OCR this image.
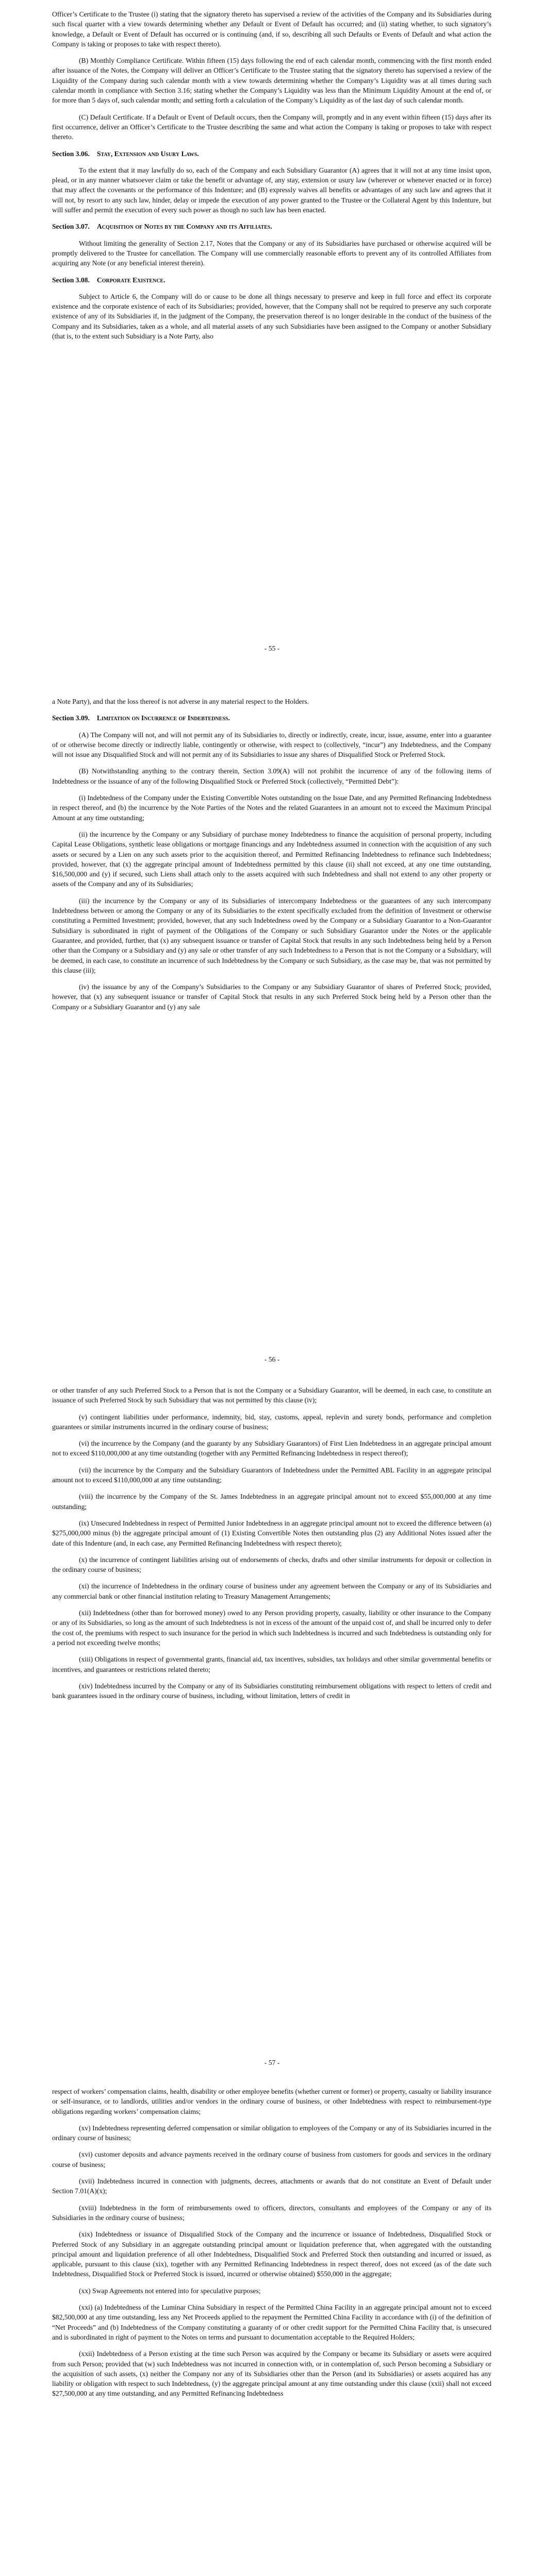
Officer’s Certificate to the Trustee (i) stating that the signatory thereto has supervised a review of the activities of the Company and its Subsidiaries during such fiscal quarter with a view towards determining whether any Default or Event of Default has occurred; and (ii) stating whether, to such signatory’s knowledge, a Default or Event of Default has occurred or is continuing (and, if so, describing all such Defaults or Events of Default and what action the Company is taking or proposes to take with respect thereto).

(B) Monthly Compliance Certificate. Within fifteen (15) days following the end of each calendar month, commencing with the first month ended after issuance of the Notes, the Company will deliver an Officer’s Certificate to the Trustee stating that the signatory thereto has supervised a review of the Liquidity of the Company during such calendar month with a view towards determining whether the Company’s Liquidity was at all times during such calendar month in compliance with Section 3.16; stating whether the Company’s Liquidity was less than the Minimum Liquidity Amount at the end of, or for more than 5 days of, such calendar month; and setting forth a calculation of the Company’s Liquidity as of the last day of such calendar month.

(C) Default Certificate. If a Default or Event of Default occurs, then the Company will, promptly and in any event within fifteen (15) days after its first occurrence, deliver an Officer’s Certificate to the Trustee describing the same and what action the Company is taking or proposes to take with respect thereto.

Section 3.06. Stay, Extension and Usury Laws.

To the extent that it may lawfully do so, each of the Company and each Subsidiary Guarantor (A) agrees that it will not at any time insist upon, plead, or in any manner whatsoever claim or take the benefit or advantage of, any stay, extension or usury law (wherever or whenever enacted or in force) that may affect the covenants or the performance of this Indenture; and (B) expressly waives all benefits or advantages of any such law and agrees that it will not, by resort to any such law, hinder, delay or impede the execution of any power granted to the Trustee or the Collateral Agent by this Indenture, but will suffer and permit the execution of every such power as though no such law has been enacted.

Section 3.07. Acquisition of Notes by the Company and its Affiliates.

Without limiting the generality of Section 2.17, Notes that the Company or any of its Subsidiaries have purchased or otherwise acquired will be promptly delivered to the Trustee for cancellation. The Company will use commercially reasonable efforts to prevent any of its controlled Affiliates from acquiring any Note (or any beneficial interest therein).

Section 3.08. Corporate Existence.

Subject to Article 6, the Company will do or cause to be done all things necessary to preserve and keep in full force and effect its corporate existence and the corporate existence of each of its Subsidiaries; provided, however, that the Company shall not be required to preserve any such corporate existence of any of its Subsidiaries if, in the judgment of the Company, the preservation thereof is no longer desirable in the conduct of the business of the Company and its Subsidiaries, taken as a whole, and all material assets of any such Subsidiaries have been assigned to the Company or another Subsidiary (that is, to the extent such Subsidiary is a Note Party, also

- 55 -

a Note Party), and that the loss thereof is not adverse in any material respect to the Holders.

Section 3.09. Limitation on Incurrence of Indebtedness.

(A) The Company will not, and will not permit any of its Subsidiaries to, directly or indirectly, create, incur, issue, assume, enter into a guarantee of or otherwise become directly or indirectly liable, contingently or otherwise, with respect to (collectively, “incur”) any Indebtedness, and the Company will not issue any Disqualified Stock and will not permit any of its Subsidiaries to issue any shares of Disqualified Stock or Preferred Stock.

(B) Notwithstanding anything to the contrary therein, Section 3.09(A) will not prohibit the incurrence of any of the following items of Indebtedness or the issuance of any of the following Disqualified Stock or Preferred Stock (collectively, “Permitted Debt”):

(i) Indebtedness of the Company under the Existing Convertible Notes outstanding on the Issue Date, and any Permitted Refinancing Indebtedness in respect thereof, and (b) the incurrence by the Note Parties of the Notes and the related Guarantees in an amount not to exceed the Maximum Principal Amount at any time outstanding;

(ii) the incurrence by the Company or any Subsidiary of purchase money Indebtedness to finance the acquisition of personal property, including Capital Lease Obligations, synthetic lease obligations or mortgage financings and any Indebtedness assumed in connection with the acquisition of any such assets or secured by a Lien on any such assets prior to the acquisition thereof, and Permitted Refinancing Indebtedness to refinance such Indebtedness; provided, however, that (x) the aggregate principal amount of Indebtedness permitted by this clause (ii) shall not exceed, at any one time outstanding, $16,500,000 and (y) if secured, such Liens shall attach only to the assets acquired with such Indebtedness and shall not extend to any other property or assets of the Company and any of its Subsidiaries;

(iii) the incurrence by the Company or any of its Subsidiaries of intercompany Indebtedness or the guarantees of any such intercompany Indebtedness between or among the Company or any of its Subsidiaries to the extent specifically excluded from the definition of Investment or otherwise constituting a Permitted Investment; provided, however, that any such Indebtedness owed by the Company or a Subsidiary Guarantor to a Non-Guarantor Subsidiary is subordinated in right of payment of the Obligations of the Company or such Subsidiary Guarantor under the Notes or the applicable Guarantee, and provided, further, that (x) any subsequent issuance or transfer of Capital Stock that results in any such Indebtedness being held by a Person other than the Company or a Subsidiary and (y) any sale or other transfer of any such Indebtedness to a Person that is not the Company or a Subsidiary, will be deemed, in each case, to constitute an incurrence of such Indebtedness by the Company or such Subsidiary, as the case may be, that was not permitted by this clause (iii);

(iv) the issuance by any of the Company’s Subsidiaries to the Company or any Subsidiary Guarantor of shares of Preferred Stock; provided, however, that (x) any subsequent issuance or transfer of Capital Stock that results in any such Preferred Stock being held by a Person other than the Company or a Subsidiary Guarantor and (y) any sale

- 56 -

or other transfer of any such Preferred Stock to a Person that is not the Company or a Subsidiary Guarantor, will be deemed, in each case, to constitute an issuance of such Preferred Stock by such Subsidiary that was not permitted by this clause (iv);

(v) contingent liabilities under performance, indemnity, bid, stay, customs, appeal, replevin and surety bonds, performance and completion guarantees or similar instruments incurred in the ordinary course of business;

(vi) the incurrence by the Company (and the guaranty by any Subsidiary Guarantors) of First Lien Indebtedness in an aggregate principal amount not to exceed $110,000,000 at any time outstanding (together with any Permitted Refinancing Indebtedness in respect thereof);

(vii) the incurrence by the Company and the Subsidiary Guarantors of Indebtedness under the Permitted ABL Facility in an aggregate principal amount not to exceed $110,000,000 at any time outstanding;

(viii) the incurrence by the Company of the St. James Indebtedness in an aggregate principal amount not to exceed $55,000,000 at any time outstanding;

(ix) Unsecured Indebtedness in respect of Permitted Junior Indebtedness in an aggregate principal amount not to exceed the difference between (a) $275,000,000 minus (b) the aggregate principal amount of (1) Existing Convertible Notes then outstanding plus (2) any Additional Notes issued after the date of this Indenture (and, in each case, any Permitted Refinancing Indebtedness with respect thereto);

(x) the incurrence of contingent liabilities arising out of endorsements of checks, drafts and other similar instruments for deposit or collection in the ordinary course of business;

(xi) the incurrence of Indebtedness in the ordinary course of business under any agreement between the Company or any of its Subsidiaries and any commercial bank or other financial institution relating to Treasury Management Arrangements;

(xii) Indebtedness (other than for borrowed money) owed to any Person providing property, casualty, liability or other insurance to the Company or any of its Subsidiaries, so long as the amount of such Indebtedness is not in excess of the amount of the unpaid cost of, and shall be incurred only to defer the cost of, the premiums with respect to such insurance for the period in which such Indebtedness is incurred and such Indebtedness is outstanding only for a period not exceeding twelve months;

(xiii) Obligations in respect of governmental grants, financial aid, tax incentives, subsidies, tax holidays and other similar governmental benefits or incentives, and guarantees or restrictions related thereto;

(xiv) Indebtedness incurred by the Company or any of its Subsidiaries constituting reimbursement obligations with respect to letters of credit and bank guarantees issued in the ordinary course of business, including, without limitation, letters of credit in

- 57 -

respect of workers’ compensation claims, health, disability or other employee benefits (whether current or former) or property, casualty or liability insurance or self-insurance, or to landlords, utilities and/or vendors in the ordinary course of business, or other Indebtedness with respect to reimbursement-type obligations regarding workers’ compensation claims;

(xv) Indebtedness representing deferred compensation or similar obligation to employees of the Company or any of its Subsidiaries incurred in the ordinary course of business;

(xvi) customer deposits and advance payments received in the ordinary course of business from customers for goods and services in the ordinary course of business;

(xvii) Indebtedness incurred in connection with judgments, decrees, attachments or awards that do not constitute an Event of Default under Section 7.01(A)(x);

(xviii) Indebtedness in the form of reimbursements owed to officers, directors, consultants and employees of the Company or any of its Subsidiaries in the ordinary course of business;

(xix) Indebtedness or issuance of Disqualified Stock of the Company and the incurrence or issuance of Indebtedness, Disqualified Stock or Preferred Stock of any Subsidiary in an aggregate outstanding principal amount or liquidation preference that, when aggregated with the outstanding principal amount and liquidation preference of all other Indebtedness, Disqualified Stock and Preferred Stock then outstanding and incurred or issued, as applicable, pursuant to this clause (xix), together with any Permitted Refinancing Indebtedness in respect thereof, does not exceed (as of the date such Indebtedness, Disqualified Stock or Preferred Stock is issued, incurred or otherwise obtained) $550,000 in the aggregate;

(xx) Swap Agreements not entered into for speculative purposes;

(xxi) (a) Indebtedness of the Luminar China Subsidiary in respect of the Permitted China Facility in an aggregate principal amount not to exceed $82,500,000 at any time outstanding, less any Net Proceeds applied to the repayment the Permitted China Facility in accordance with (i) of the definition of “Net Proceeds” and (b) Indebtedness of the Company constituting a guaranty of or other credit support for the Permitted China Facility that, is unsecured and is subordinated in right of payment to the Notes on terms and pursuant to documentation acceptable to the Required Holders;

(xxii) Indebtedness of a Person existing at the time such Person was acquired by the Company or became its Subsidiary or assets were acquired from such Person; provided that (w) such Indebtedness was not incurred in connection with, or in contemplation of, such Person becoming a Subsidiary or the acquisition of such assets, (x) neither the Company nor any of its Subsidiaries other than the Person (and its Subsidiaries) or assets acquired has any liability or obligation with respect to such Indebtedness, (y) the aggregate principal amount at any time outstanding under this clause (xxii) shall not exceed $27,500,000 at any time outstanding, and any Permitted Refinancing Indebtedness
